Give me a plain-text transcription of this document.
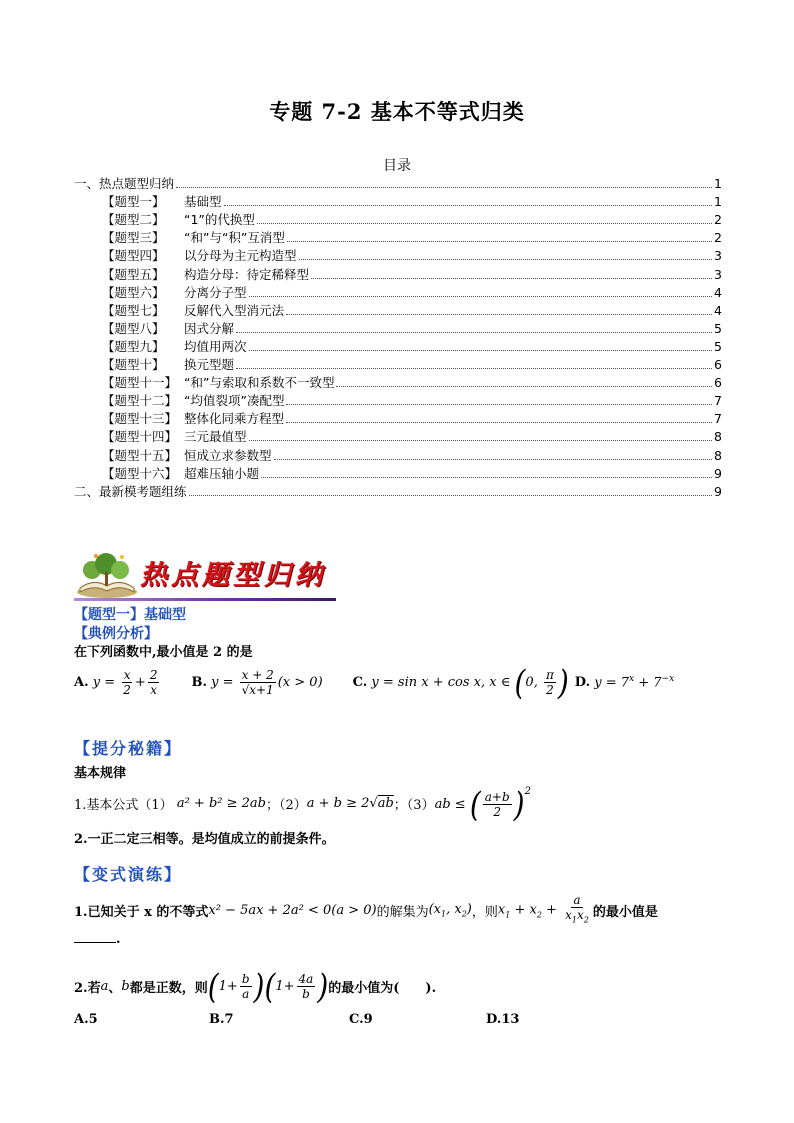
专题 7-2 基本不等式归类
目录
一、热点题型归纳	1
【题型一】 基础型	1
【题型二】 “1”的代换型	2
【题型三】 “和”与“积”互消型	2
【题型四】 以分母为主元构造型	3
【题型五】 构造分母：待定稀释型	3
【题型六】 分离分子型	4
【题型七】 反解代入型消元法	4
【题型八】 因式分解	5
【题型九】 均值用两次	5
【题型十】 换元型题	6
【题型十一】 “和”与索取和系数不一致型	6
【题型十二】 “均值裂项”凑配型	7
【题型十三】 整体化同乘方程型	7
【题型十四】 三元最值型	8
【题型十五】 恒成立求参数型	8
【题型十六】 超难压轴小题	9
二、最新模考题组练	9
热点题型归纳
【题型一】基础型
【典例分析】
在下列函数中,最小值是 2 的是
A. $y = \frac{x}{2} + \frac{2}{x} B$. $y = \frac{x + 2}{√x+1} (x > 0)$ C. y = sin x + cos x, x ∈ (0, $\frac{\pi}{2}$ ) D. $y = 7^x + 7^{-x}$
【提分秘籍】
基本规律
1.基本公式（1） a² + b² ≥ 2ab ；（2） a + b ≥ 2√ab ；（3） ab ≤ ( $\frac{a+b}{2} )^2$
2.一正二定三相等。是均值成立的前提条件。
【变式演练】
1.已知关于 x 的不等式 x² − 5ax + 2a² < 0(a > 0) 的解集为 ($x_1$, $x_2$) ，则 $x_1 + x_2 + \frac{a}{x_1x_2}$ 的最小值是
.
2.若 a 、 b 都是正数，则 $(1+ \frac{b}{a} )(1+ \frac{4a}{b}$ ) 的最小值为(　　).
A.5	B.7	C.9	D.13
